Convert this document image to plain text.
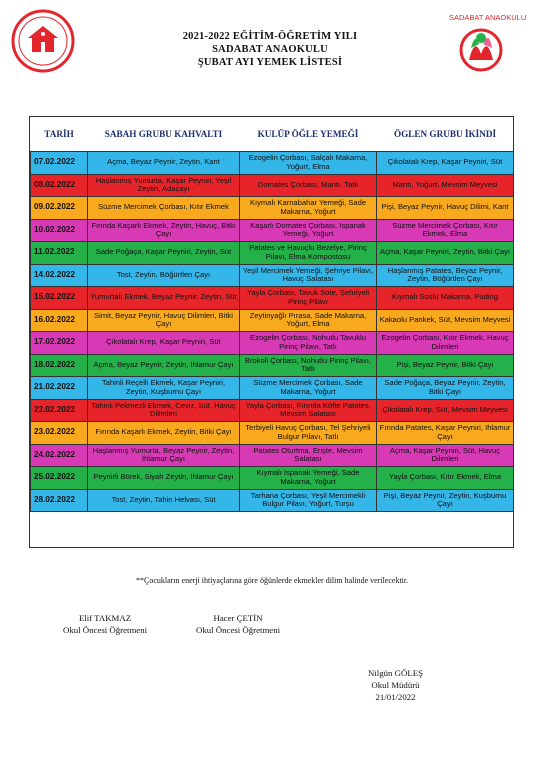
SADABAT ANAOKULU
2021-2022 EĞİTİM-ÖĞRETİM YILI
SADABAT ANAOKULU
ŞUBAT AYI YEMEK LİSTESİ
TARİH	SABAH GRUBU KAHVALTI	KULÜP ÖĞLE YEMEĞİ	ÖGLEN GRUBU İKİNDİ
07.02.2022	Açma, Beyaz Peynir, Zeytin, Kant	Ezogelin Çorbası, Salçalı Makarna, Yoğurt, Elma	Çikolatalı Krep, Kaşar Peyniri, Süt
08.02.2022	Haşlanmış Yumurta, Kaşar Peyniri, Yeşil Zeytin, Adaçayı	Domates Çorbası, Mantı, Tatlı	Mantı, Yoğurt, Mevsim Meyvesi
09.02.2022	Süzme Mercimek Çorbası, Kıtır Ekmek	Kıymalı Karnabahar Yemeği, Sade Makarna, Yoğurt	Pişi, Beyaz Peynir, Havuç Dilimi, Kant
10.02.2022	Fırında Kaşarlı Ekmek, Zeytin, Havuç, Bitki Çayı	Kaşarlı Domates Çorbası, Ispanak Yemeği, Yoğurt	Süzme Mercimek Çorbası, Kıtır Ekmek, Elma
11.02.2022	Sade Poğaça, Kaşar Peyniri, Zeytin, Süt	Patates ve Havuçlu Bezelye, Pirinç Pilavı, Elma Kompostosu	Açma, Kaşar Peyniri, Zeytin, Bitki Çayı
14.02.2022	Tost, Zeytin, Böğürtlen Çayı	Yeşil Mercimek Yemeği, Şehriye Pilavı, Havuç Salatası	Haşlanmış Patates, Beyaz Peynir, Zeytin, Böğürtlen Çayı
15.02.2022	Yumurtalı Ekmek, Beyaz Peynir, Zeytin, Süt	Yayla Çorbası, Tavuk Sote, Şehriyeli Pirinç Pilavı	Kıymalı Soslu Makarna, Puding
16.02.2022	Simit, Beyaz Peynir, Havuç Dilimleri, Bitki Çayı	Zeytinyağlı Pırasa, Sade Makarna, Yoğurt, Elma	Kakaolu Pankek, Süt, Mevsim Meyvesi
17.02.2022	Çikolatalı Krep, Kaşar Peyniri, Süt	Ezogelin Çorbası, Nohutlu Tavuklu Pirinç Pilavı, Tatlı	Ezogelin Çorbası, Kıtır Ekmek, Havuç Dilimleri
18.02.2022	Açma, Beyaz Peynir, Zeytin, Ihlamur Çayı	Brokoli Çorbası, Nohutlu Pirinç Pilavı, Tatlı	Pişi, Beyaz Peynir, Bitki Çayı
21.02.2022	Tahinli Reçelli Ekmek, Kaşar Peyniri, Zeytin, Kuşburnu Çayı	Süzme Mercimek Çorbası, Sade Makarna, Yoğurt	Sade Poğaça, Beyaz Peynir, Zeytin, Bitki Çayı
22.02.2022	Tahinli Pekmezli Ekmek, Ceviz, Süt, Havuç Dilimleri	Yayla Çorbası, Fırında Köfte Patates, Mevsim Salatası	Çikolatalı Krep, Süt, Mevsim Meyvesi
23.02.2022	Fırında Kaşarlı Ekmek, Zeytin, Bitki Çayı	Terbiyeli Havuç Çorbası, Tel Şehriyeli Bulgur Pilavı, Tatlı	Fırında Patates, Kaşar Peyniri, Ihlamur Çayı
24.02.2022	Haşlanmış Yumurta, Beyaz Peynir, Zeytin, Ihlamur Çayı	Patates Oturtma, Erişte, Mevsim Salatası	Açma, Kaşar Peyniri, Süt, Havuç Dilimleri
25.02.2022	Peynirli Börek, Siyah Zeytin, Ihlamur Çayı	Kıymalı Ispanak Yemeği, Sade Makarna, Yoğurt	Yayla Çorbası, Kıtır Ekmek, Elma
28.02.2022	Tost, Zeytin, Tahin Helvası, Süt	Tarhana Çorbası, Yeşil Mercimekli Bulgur Pilavı, Yoğurt, Turşu	Pişi, Beyaz Peynir, Zeytin, Kuşburnu Çayı
**Çocukların enerji ihtiyaçlarına göre öğünlerde ekmekler dilim halinde verilecektir.
Elif TAKMAZ
Okul Öncesi Öğretmeni
Hacer ÇETİN
Okul Öncesi Öğretmeni
Nilgün GÖLEŞ
Okul Müdürü
21/01/2022
